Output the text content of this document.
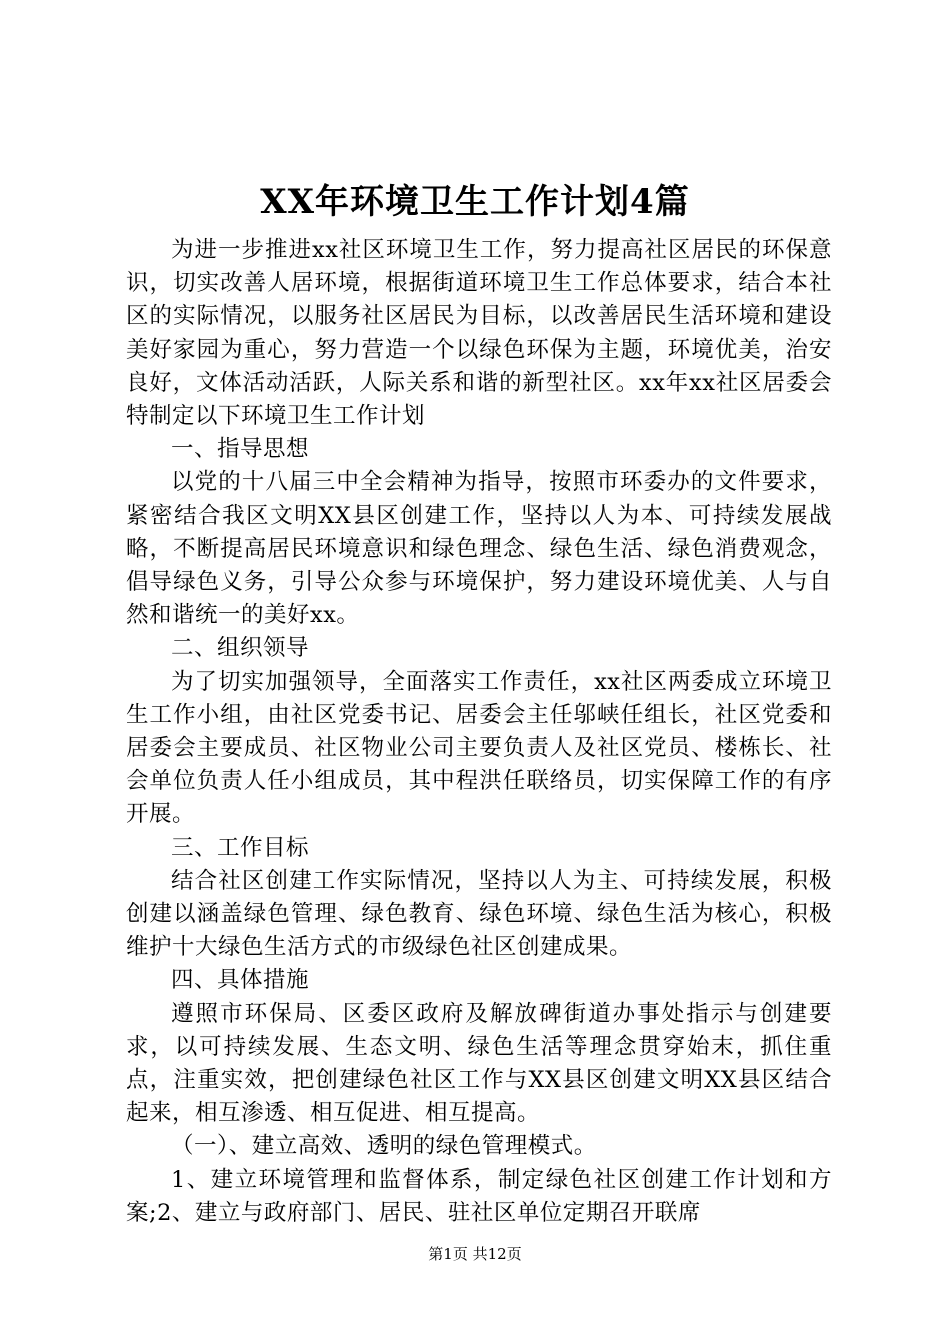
XX年环境卫生工作计划4篇

为进一步推进xx社区环境卫生工作，努力提高社区居民的环保意识，切实改善人居环境，根据街道环境卫生工作总体要求，结合本社区的实际情况，以服务社区居民为目标，以改善居民生活环境和建设美好家园为重心，努力营造一个以绿色环保为主题，环境优美，治安良好，文体活动活跃，人际关系和谐的新型社区。xx年xx社区居委会特制定以下环境卫生工作计划

一、指导思想

以党的十八届三中全会精神为指导，按照市环委办的文件要求，紧密结合我区文明XX县区创建工作，坚持以人为本、可持续发展战略，不断提高居民环境意识和绿色理念、绿色生活、绿色消费观念，倡导绿色义务，引导公众参与环境保护，努力建设环境优美、人与自然和谐统一的美好xx。

二、组织领导

为了切实加强领导，全面落实工作责任，xx社区两委成立环境卫生工作小组，由社区党委书记、居委会主任邬峡任组长，社区党委和居委会主要成员、社区物业公司主要负责人及社区党员、楼栋长、社会单位负责人任小组成员，其中程洪任联络员，切实保障工作的有序开展。

三、工作目标

结合社区创建工作实际情况，坚持以人为主、可持续发展，积极创建以涵盖绿色管理、绿色教育、绿色环境、绿色生活为核心，积极维护十大绿色生活方式的市级绿色社区创建成果。

四、具体措施

遵照市环保局、区委区政府及解放碑街道办事处指示与创建要求，以可持续发展、生态文明、绿色生活等理念贯穿始末，抓住重点，注重实效，把创建绿色社区工作与XX县区创建文明XX县区结合起来，相互渗透、相互促进、相互提高。

（一）、建立高效、透明的绿色管理模式。

1、建立环境管理和监督体系，制定绿色社区创建工作计划和方案;2、建立与政府部门、居民、驻社区单位定期召开联席

第1页 共12页
